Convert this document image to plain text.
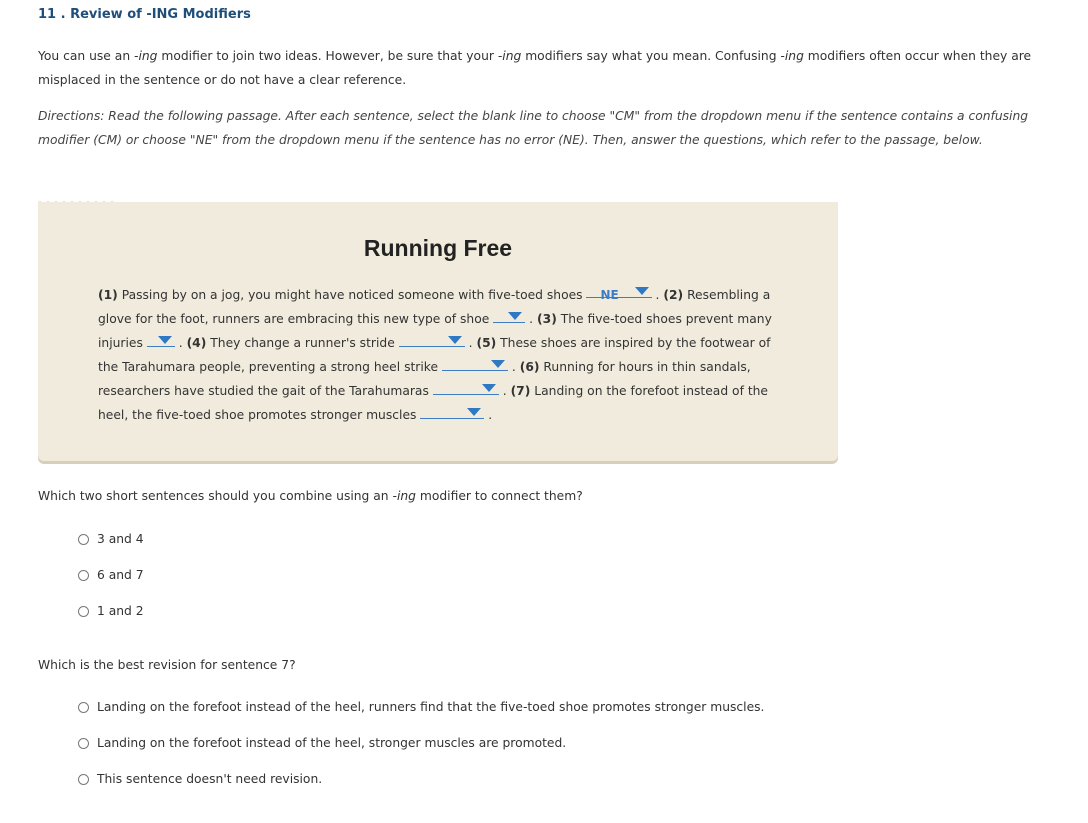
11 . Review of -ING Modifiers
You can use an -ing modifier to join two ideas. However, be sure that your -ing modifiers say what you mean. Confusing -ing modifiers often occur when they are misplaced in the sentence or do not have a clear reference.
Directions: Read the following passage. After each sentence, select the blank line to choose "CM" from the dropdown menu if the sentence contains a confusing modifier (CM) or choose "NE" from the dropdown menu if the sentence has no error (NE). Then, answer the questions, which refer to the passage, below.
Running Free
(1) Passing by on a jog, you might have noticed someone with five-toed shoes NE	. (2) Resembling a glove for the foot, runners are embracing this new type of shoe	. (3) The five-toed shoes prevent many injuries	. (4) They change a runner's stride	. (5) These shoes are inspired by the footwear of the Tarahumara people, preventing a strong heel strike	. (6) Running for hours in thin sandals, researchers have studied the gait of the Tarahumaras	. (7) Landing on the forefoot instead of the heel, the five-toed shoe promotes stronger muscles	.
Which two short sentences should you combine using an -ing modifier to connect them?
3 and 4
6 and 7
1 and 2
Which is the best revision for sentence 7?
Landing on the forefoot instead of the heel, runners find that the five-toed shoe promotes stronger muscles.
Landing on the forefoot instead of the heel, stronger muscles are promoted.
This sentence doesn't need revision.
